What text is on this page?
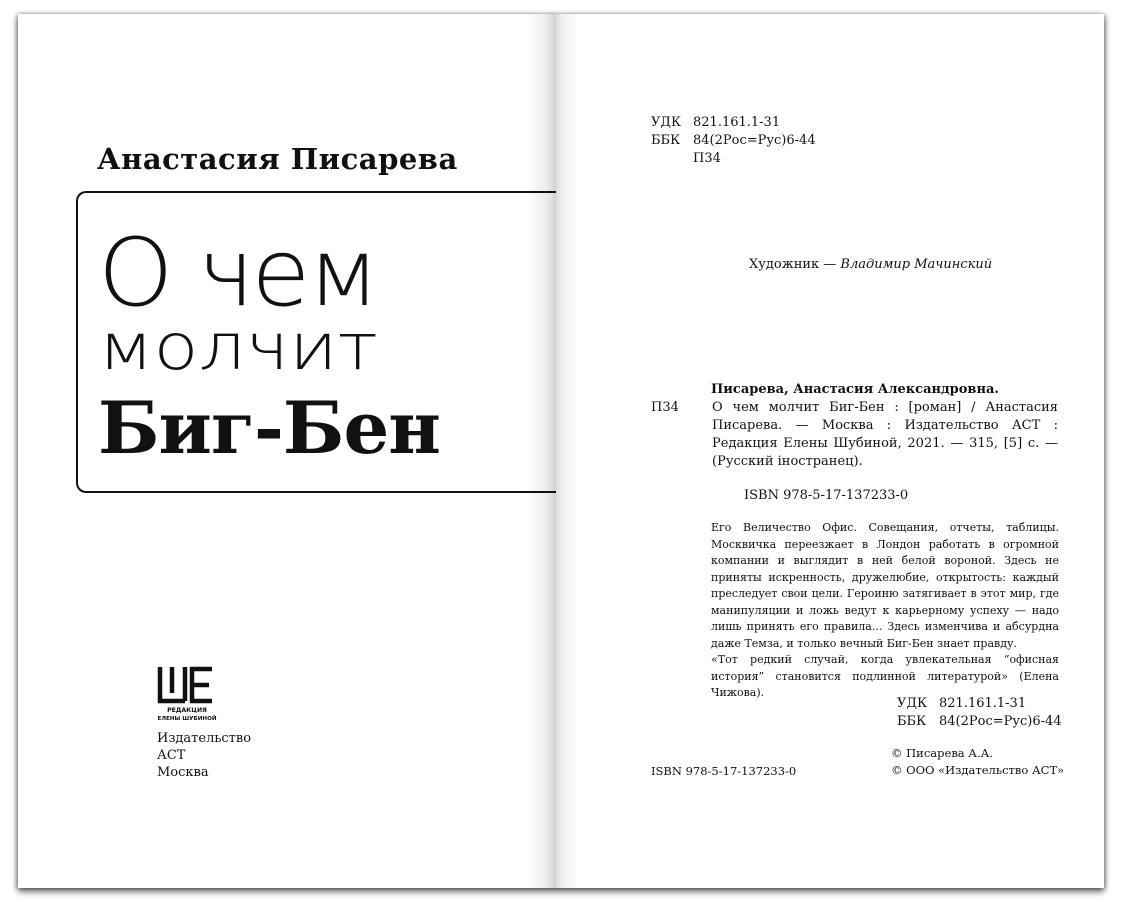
Анастасия Писарева
О чем
молчит
Биг-Бен
РЕДАКЦИЯ
ЕЛЕНЫ ШУБИНОЙ
Издательство
АСТ
Москва
УДК 821.161.1-31
ББК 84(2Рос=Рус)6-44
П34
Художник — Владимир Мачинский
Писарева, Анастасия Александровна.
П34	О чем молчит Биг-Бен : [роман] / Анастасия Писарева. — Москва : Издательство АСТ : Редакция Елены Шубиной, 2021. — 315, [5] с. — (Русский iностранец).
ISBN 978-5-17-137233-0

Его Величество Офис. Совещания, отчеты, таблицы. Москвичка переезжает в Лондон работать в огромной компании и выглядит в ней белой вороной. Здесь не приняты искренность, дружелюбие, открытость: каждый преследует свои цели. Героиню затягивает в этот мир, где манипуляции и ложь ведут к карьерному успеху — надо лишь принять его правила... Здесь изменчива и абсурдна даже Темза, и только вечный Биг-Бен знает правду.

«Тот редкий случай, когда увлекательная “офисная история” становится подлинной литературой» (Елена Чижова).

УДК 821.161.1-31
ББК 84(2Рос=Рус)6-44
© Писарева А.А.
© ООО «Издательство АСТ»
ISBN 978-5-17-137233-0
